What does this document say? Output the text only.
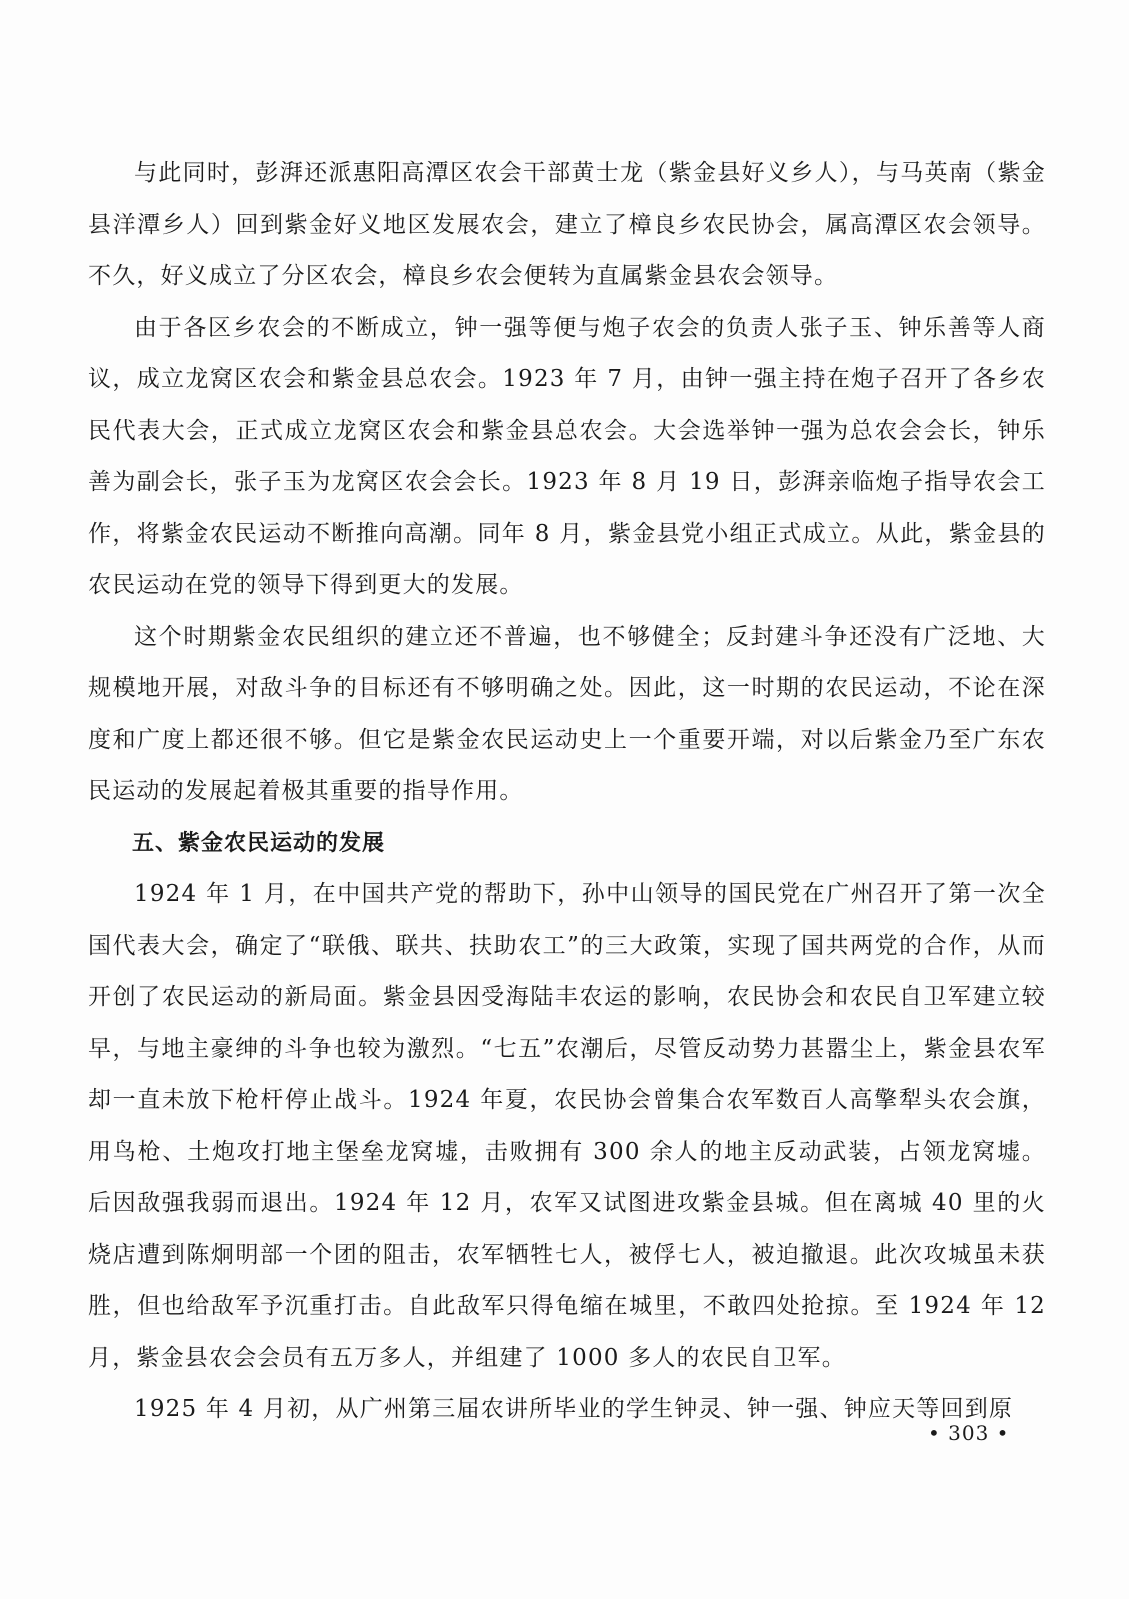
与此同时，彭湃还派惠阳高潭区农会干部黄士龙（紫金县好义乡人），与马英南（紫金县洋潭乡人）回到紫金好义地区发展农会，建立了樟良乡农民协会，属高潭区农会领导。不久，好义成立了分区农会，樟良乡农会便转为直属紫金县农会领导。

由于各区乡农会的不断成立，钟一强等便与炮子农会的负责人张子玉、钟乐善等人商议，成立龙窝区农会和紫金县总农会。1923 年 7 月，由钟一强主持在炮子召开了各乡农民代表大会，正式成立龙窝区农会和紫金县总农会。大会选举钟一强为总农会会长，钟乐善为副会长，张子玉为龙窝区农会会长。1923 年 8 月 19 日，彭湃亲临炮子指导农会工作，将紫金农民运动不断推向高潮。同年 8 月，紫金县党小组正式成立。从此，紫金县的农民运动在党的领导下得到更大的发展。

这个时期紫金农民组织的建立还不普遍，也不够健全；反封建斗争还没有广泛地、大规模地开展，对敌斗争的目标还有不够明确之处。因此，这一时期的农民运动，不论在深度和广度上都还很不够。但它是紫金农民运动史上一个重要开端，对以后紫金乃至广东农民运动的发展起着极其重要的指导作用。

五、紫金农民运动的发展

1924 年 1 月，在中国共产党的帮助下，孙中山领导的国民党在广州召开了第一次全国代表大会，确定了“联俄、联共、扶助农工”的三大政策，实现了国共两党的合作，从而开创了农民运动的新局面。紫金县因受海陆丰农运的影响，农民协会和农民自卫军建立较早，与地主豪绅的斗争也较为激烈。“七五”农潮后，尽管反动势力甚嚣尘上，紫金县农军却一直未放下枪杆停止战斗。1924 年夏，农民协会曾集合农军数百人高擎犁头农会旗，用鸟枪、土炮攻打地主堡垒龙窝墟，击败拥有 300 余人的地主反动武装，占领龙窝墟。后因敌强我弱而退出。1924 年 12 月，农军又试图进攻紫金县城。但在离城 40 里的火烧店遭到陈炯明部一个团的阻击，农军牺牲七人，被俘七人，被迫撤退。此次攻城虽未获胜，但也给敌军予沉重打击。自此敌军只得龟缩在城里，不敢四处抢掠。至 1924 年 12 月，紫金县农会会员有五万多人，并组建了 1000 多人的农民自卫军。

1925 年 4 月初，从广州第三届农讲所毕业的学生钟灵、钟一强、钟应天等回到原

• 303 •
